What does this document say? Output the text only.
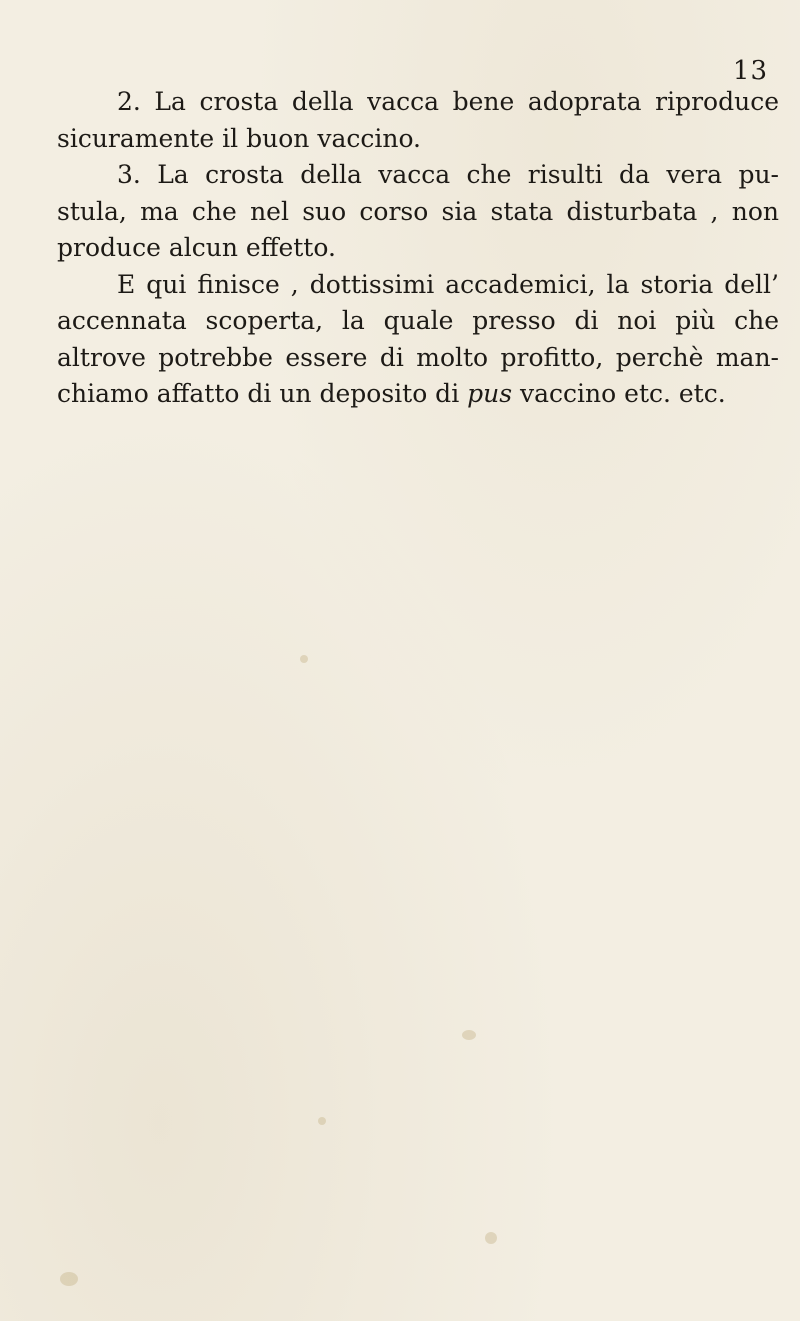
13
2. La crosta della vacca bene adoprata riproduce
sicuramente il buon vaccino.
3. La crosta della vacca che risulti da vera pu-
stula, ma che nel suo corso sia stata disturbata , non
produce alcun effetto.
E qui finisce , dottissimi accademici, la storia dell’
accennata scoperta, la quale presso di noi più che
altrove potrebbe essere di molto profitto, perchè man-
chiamo affatto di un deposito di pus vaccino etc. etc.
